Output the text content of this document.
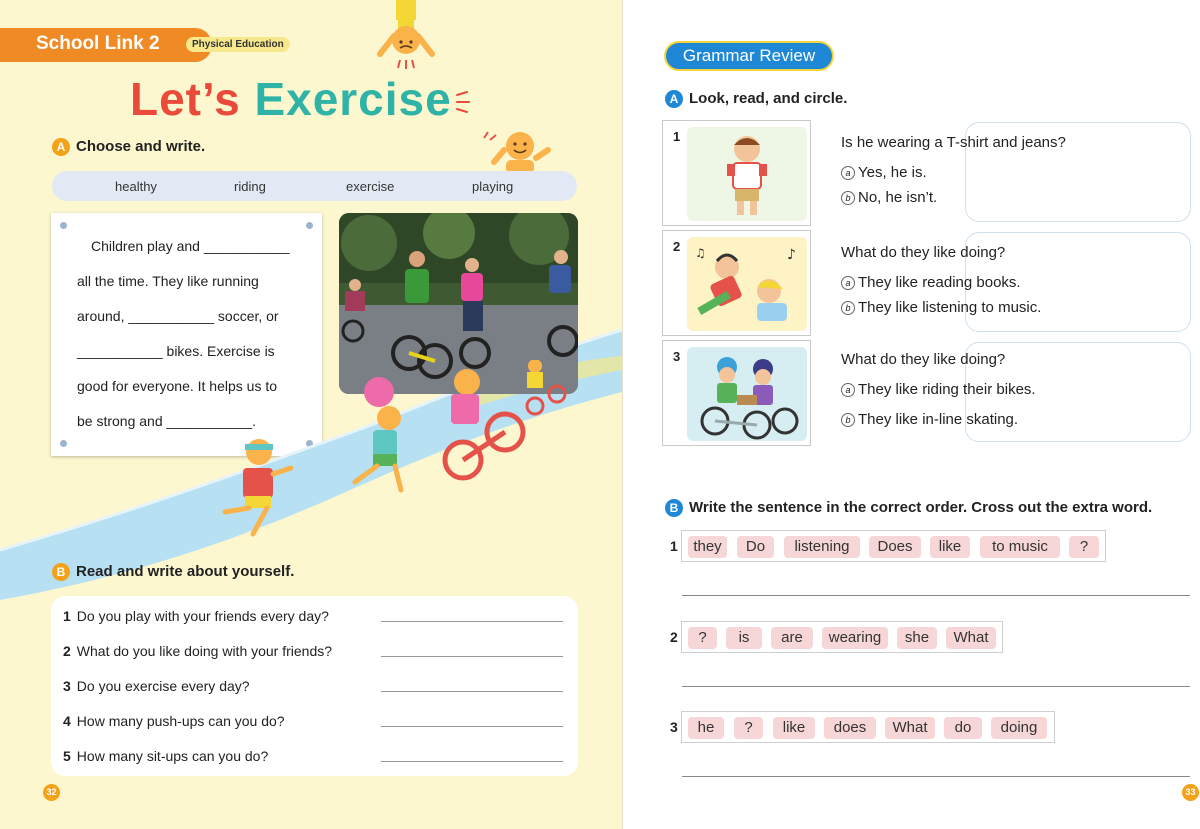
School Link 2	Physical Education
Let’s Exercise
A Choose and write.
healthy	riding	exercise	playing
Children play and ___________
all the time. They like running
around, ___________ soccer, or
___________ bikes. Exercise is
good for everyone. It helps us to
be strong and ___________.
B Read and write about yourself.
1 Do you play with your friends every day?
2 What do you like doing with your friends?
3 Do you exercise every day?
4 How many push-ups can you do?
5 How many sit-ups can you do?
32
Grammar Review
A Look, read, and circle.
1	Is he wearing a T-shirt and jeans?
a Yes, he is.
b No, he isn’t.
2
♪
♫	What do they like doing?
a They like reading books.
b They like listening to music.
3	What do they like doing?
a They like riding their bikes.
b They like in-line skating.
B Write the sentence in the correct order. Cross out the extra word.
1	they	Do	listening	Does	like	to music	?
2	?	is	are	wearing	she	What
3	he	?	like	does	What	do	doing
33
